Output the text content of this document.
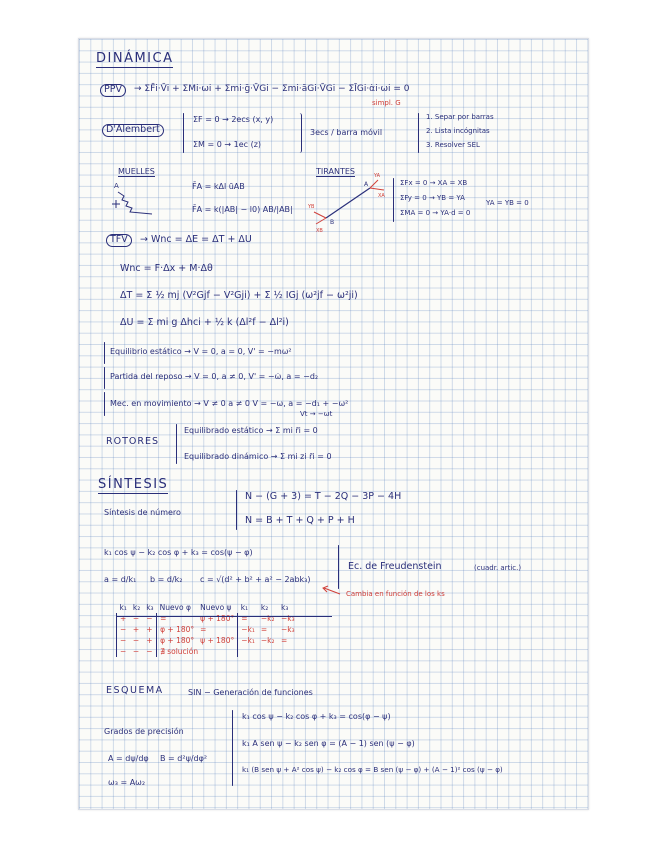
DINÁMICA
PPV	→ ΣF̄i·V̄i + ΣMi·ωi + Σmi·ḡ·V̄Gi − Σmi·āGi·V̄Gi − ΣĪGi·α̇i·ωi = 0
simpl. G
D'Alembert
ΣF = 0 → 2ecs (x, y)
ΣM = 0 → 1ec (z)
3ecs / barra móvil
1. Separ por barras
2. Lista incógnitas
3. Resolver SEL
MUELLES
A	F̄A = kΔl ūAB
F̄A = k(|AB| − l0) AB/|AB|
TIRANTES
A
B
YA
XA
YB
XB
ΣFx = 0 → XA = XB
ΣFy = 0 → YB = YA
ΣMA = 0 → YA·d = 0
YA = YB = 0
TFV	→ Wnc = ΔE = ΔT + ΔU
Wnc = F·Δx + M·Δθ
ΔT = Σ ½ mj (V²Gjf − V²Gji) + Σ ½ IGj (ω²jf − ω²ji)
ΔU = Σ mi g Δhci + ½ k (Δl²f − Δl²i)
Equilibrio estático → V = 0, a = 0, V' = −mω²
Partida del reposo → V = 0, a ≠ 0, V' = −ω̇, a = −d₂
Mec. en movimiento → V ≠ 0 a ≠ 0 V = −ω, a = −d₁ + −ω²
Vt → −ωt
ROTORES
Equilibrado estático → Σ mi r̄i = 0
Equilibrado dinámico → Σ mi zi r̄i = 0
SÍNTESIS
Síntesis de número
N − (G + 3) = T − 2Q − 3P − 4H
N = B + T + Q + P + H
k₁ cos ψ − k₂ cos φ + k₃ = cos(ψ − φ)
Ec. de Freudenstein	(cuadr. artic.)
a = d/k₁ b = d/k₂ c = √(d² + b² + a² − 2abk₃)
Cambia en función de los ks
k₁	k₂	k₃	Nuevo φ	Nuevo ψ	k₁	k₂	k₃
+	−	−	=	ψ + 180°	=	−k₂	−k₃
−	+	+	φ + 180°	=	−k₁	=	−k₃
−	−	+	φ + 180°	ψ + 180°	−k₁	−k₂	=
−	−	−	∄ solución				
ESQUEMA	SIN − Generación de funciones
Grados de precisión
A = dψ/dφ B = d²ψ/dφ²
ω₃ = Aω₂
k₁ cos ψ − k₂ cos φ + k₃ = cos(φ − ψ)
k₁ A sen ψ − k₂ sen φ = (A − 1) sen (ψ − φ)
k₁ (B sen ψ + A² cos ψ) − k₂ cos φ = B sen (ψ − φ) + (A − 1)² cos (ψ − φ)
